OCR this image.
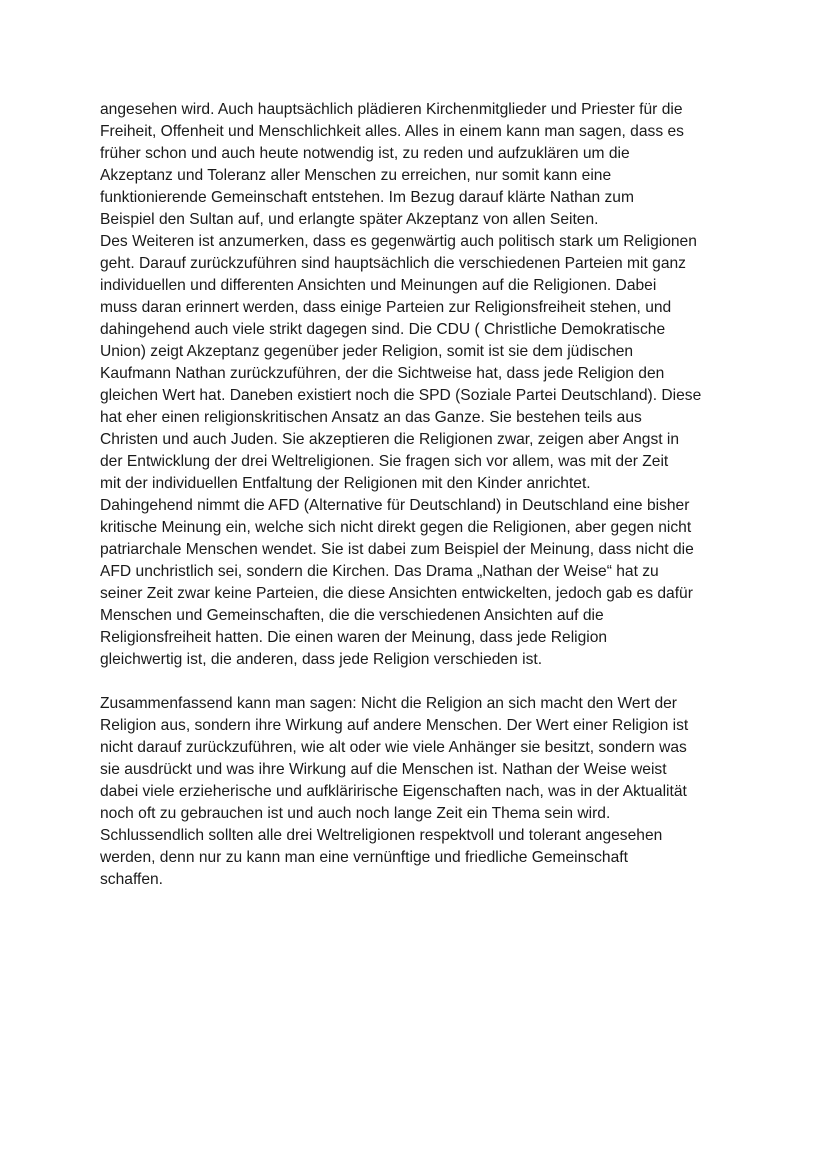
angesehen wird. Auch hauptsächlich plädieren Kirchenmitglieder und Priester für die
Freiheit, Offenheit und Menschlichkeit alles. Alles in einem kann man sagen, dass es
früher schon und auch heute notwendig ist, zu reden und aufzuklären um die
Akzeptanz und Toleranz aller Menschen zu erreichen, nur somit kann eine
funktionierende Gemeinschaft entstehen. Im Bezug darauf klärte Nathan zum
Beispiel den Sultan auf, und erlangte später Akzeptanz von allen Seiten.
Des Weiteren ist anzumerken, dass es gegenwärtig auch politisch stark um Religionen
geht. Darauf zurückzuführen sind hauptsächlich die verschiedenen Parteien mit ganz
individuellen und differenten Ansichten und Meinungen auf die Religionen. Dabei
muss daran erinnert werden, dass einige Parteien zur Religionsfreiheit stehen, und
dahingehend auch viele strikt dagegen sind. Die CDU ( Christliche Demokratische
Union) zeigt Akzeptanz gegenüber jeder Religion, somit ist sie dem jüdischen
Kaufmann Nathan zurückzuführen, der die Sichtweise hat, dass jede Religion den
gleichen Wert hat. Daneben existiert noch die SPD (Soziale Partei Deutschland). Diese
hat eher einen religionskritischen Ansatz an das Ganze. Sie bestehen teils aus
Christen und auch Juden. Sie akzeptieren die Religionen zwar, zeigen aber Angst in
der Entwicklung der drei Weltreligionen. Sie fragen sich vor allem, was mit der Zeit
mit der individuellen Entfaltung der Religionen mit den Kinder anrichtet.
Dahingehend nimmt die AFD (Alternative für Deutschland) in Deutschland eine bisher
kritische Meinung ein, welche sich nicht direkt gegen die Religionen, aber gegen nicht
patriarchale Menschen wendet. Sie ist dabei zum Beispiel der Meinung, dass nicht die
AFD unchristlich sei, sondern die Kirchen. Das Drama „Nathan der Weise“ hat zu
seiner Zeit zwar keine Parteien, die diese Ansichten entwickelten, jedoch gab es dafür
Menschen und Gemeinschaften, die die verschiedenen Ansichten auf die
Religionsfreiheit hatten. Die einen waren der Meinung, dass jede Religion
gleichwertig ist, die anderen, dass jede Religion verschieden ist.
Zusammenfassend kann man sagen: Nicht die Religion an sich macht den Wert der
Religion aus, sondern ihre Wirkung auf andere Menschen. Der Wert einer Religion ist
nicht darauf zurückzuführen, wie alt oder wie viele Anhänger sie besitzt, sondern was
sie ausdrückt und was ihre Wirkung auf die Menschen ist. Nathan der Weise weist
dabei viele erzieherische und aufklärirische Eigenschaften nach, was in der Aktualität
noch oft zu gebrauchen ist und auch noch lange Zeit ein Thema sein wird.
Schlussendlich sollten alle drei Weltreligionen respektvoll und tolerant angesehen
werden, denn nur zu kann man eine vernünftige und friedliche Gemeinschaft
schaffen.
